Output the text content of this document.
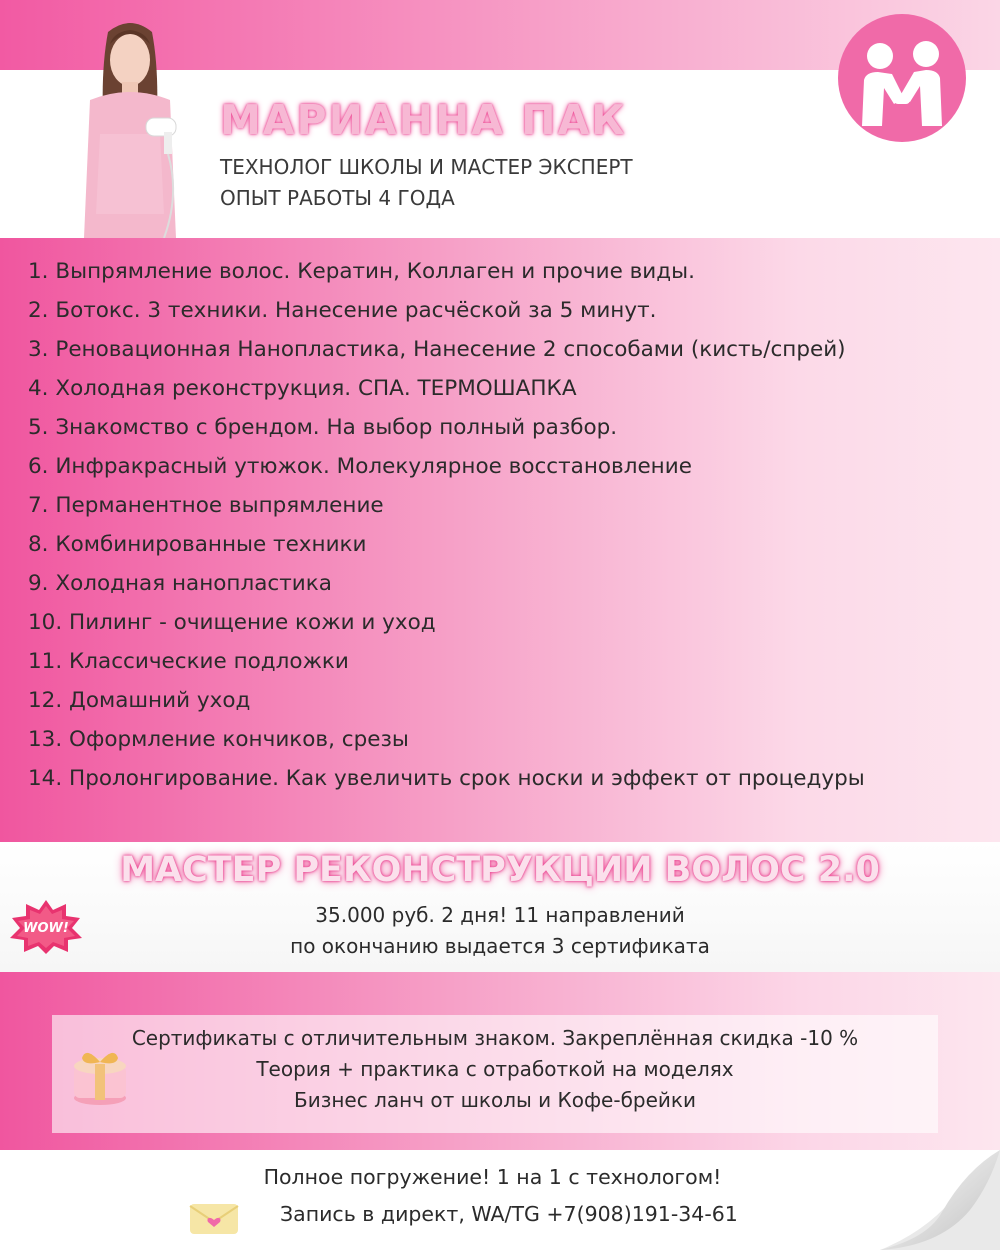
МАРИАННА ПАК

ТЕХНОЛОГ ШКОЛЫ И МАСТЕР ЭКСПЕРТ

ОПЫТ РАБОТЫ 4 ГОДА

1. Выпрямление волос. Кератин, Коллаген и прочие виды.
2. Ботокс. 3 техники. Нанесение расчёской за 5 минут.
3. Реновационная Нанопластика, Нанесение 2 способами (кисть/спрей)
4. Холодная реконструкция. СПА. ТЕРМОШАПКА
5. Знакомство с брендом. На выбор полный разбор.
6. Инфракрасный утюжок. Молекулярное восстановление
7. Перманентное выпрямление
8. Комбинированные техники
9. Холодная нанопластика
10. Пилинг - очищение кожи и уход
11. Классические подложки
12. Домашний уход
13. Оформление кончиков, срезы
14. Пролонгирование. Как увеличить срок носки и эффект от процедуры
МАСТЕР РЕКОНСТРУКЦИИ ВОЛОС 2.0

35.000 руб. 2 дня! 11 направлений

по окончанию выдается 3 сертификата

WOW!

Сертификаты с отличительным знаком. Закреплённая скидка -10 %

Теория + практика с отработкой на моделях

Бизнес ланч от школы и Кофе-брейки

Полное погружение! 1 на 1 с технологом!

Запись в директ, WA/TG +7(908)191-34-61
